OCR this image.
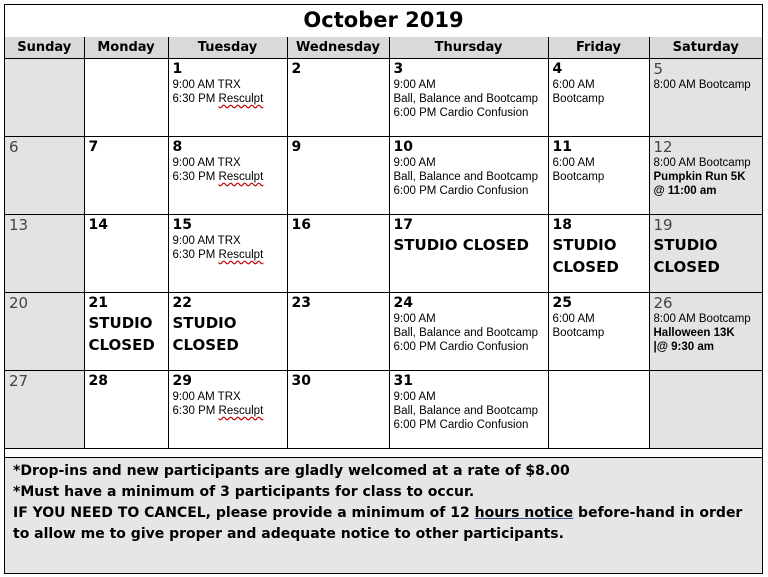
October 2019
Sunday	Monday	Tuesday	Wednesday	Thursday	Friday	Saturday

		1
9:00 AM TRX
6:30 PM Resculpt	2	3
9:00 AM
Ball, Balance and Bootcamp
6:00 PM Cardio Confusion	4
6:00 AM
Bootcamp	5
8:00 AM Bootcamp

6	7	8
9:00 AM TRX
6:30 PM Resculpt	9	10
9:00 AM
Ball, Balance and Bootcamp
6:00 PM Cardio Confusion	11
6:00 AM
Bootcamp	12
8:00 AM Bootcamp
Pumpkin Run 5K @ 11:00 am

13	14	15
9:00 AM TRX
6:30 PM Resculpt	16	17
STUDIO CLOSED	18
STUDIO CLOSED	19
STUDIO CLOSED

20	21
STUDIO CLOSED	22
STUDIO CLOSED	23	24
9:00 AM
Ball, Balance and Bootcamp
6:00 PM Cardio Confusion	25
6:00 AM
Bootcamp	26
8:00 AM Bootcamp
Halloween 13K
|@ 9:30 am

27	28	29
9:00 AM TRX
6:30 PM Resculpt	30	31
9:00 AM
Ball, Balance and Bootcamp
6:00 PM Cardio Confusion		

*Drop-ins and new participants are gladly welcomed at a rate of $8.00

*Must have a minimum of 3 participants for class to occur.

IF YOU NEED TO CANCEL, please provide a minimum of 12 hours notice before-hand in order to allow me to give proper and adequate notice to other participants.
